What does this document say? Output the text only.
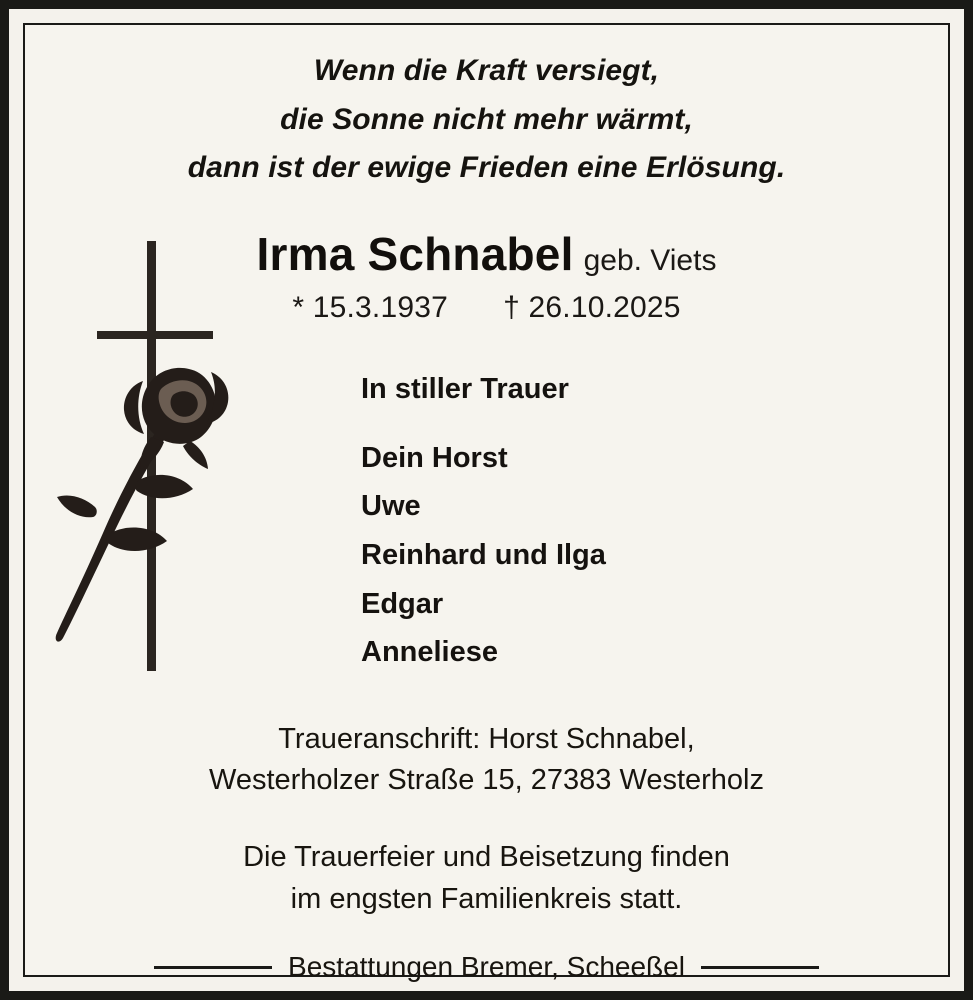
Wenn die Kraft versiegt,
die Sonne nicht mehr wärmt,
dann ist der ewige Frieden eine Erlösung.
Irma Schnabel geb. Viets
* 15.3.1937 † 26.10.2025
In stiller Trauer
Dein Horst
Uwe
Reinhard und Ilga
Edgar
Anneliese
Traueranschrift: Horst Schnabel,
Westerholzer Straße 15, 27383 Westerholz
Die Trauerfeier und Beisetzung finden
im engsten Familienkreis statt.
Bestattungen Bremer, Scheeßel
